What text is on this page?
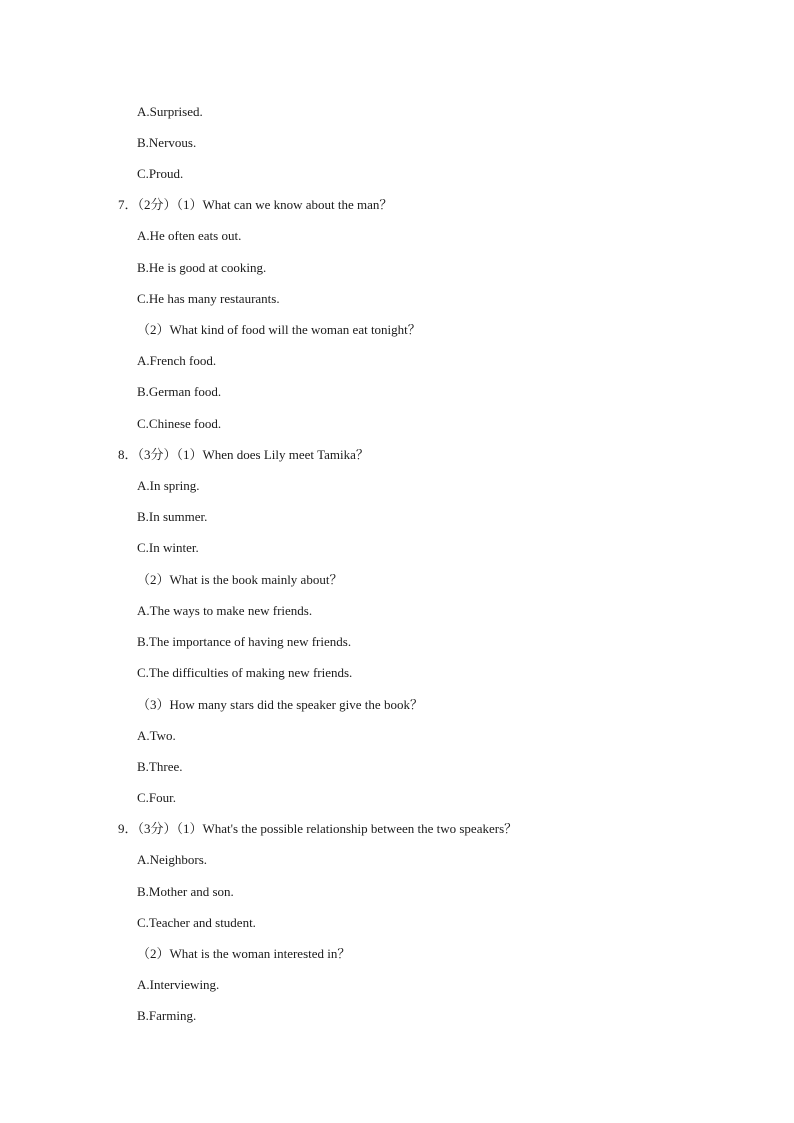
A.Surprised.
B.Nervous.
C.Proud.
7．（2分）（1）What can we know about the man？
A.He often eats out.
B.He is good at cooking.
C.He has many restaurants.
（2）What kind of food will the woman eat tonight？
A.French food.
B.German food.
C.Chinese food.
8．（3分）（1）When does Lily meet Tamika？
A.In spring.
B.In summer.
C.In winter.
（2）What is the book mainly about？
A.The ways to make new friends.
B.The importance of having new friends.
C.The difficulties of making new friends.
（3）How many stars did the speaker give the book？
A.Two.
B.Three.
C.Four.
9．（3分）（1）What's the possible relationship between the two speakers？
A.Neighbors.
B.Mother and son.
C.Teacher and student.
（2）What is the woman interested in？
A.Interviewing.
B.Farming.
